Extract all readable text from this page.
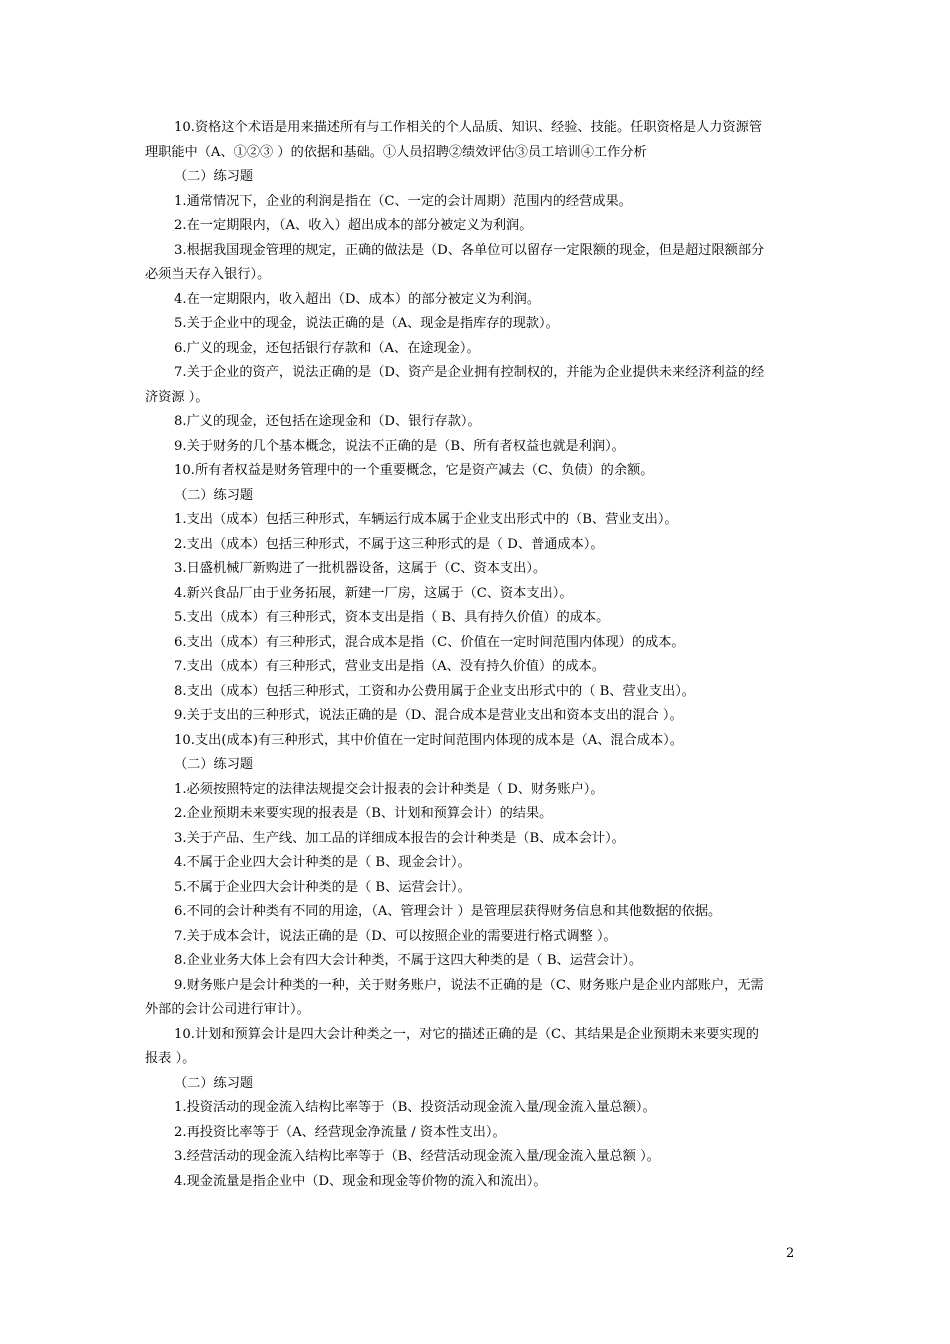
10.资格这个术语是用来描述所有与工作相关的个人品质、知识、经验、技能。任职资格是人力资源管
理职能中（A、①②③ ）的依据和基础。①人员招聘②绩效评估③员工培训④工作分析
（二）练习题
1.通常情况下，企业的利润是指在（C、一定的会计周期）范围内的经营成果。
2.在一定期限内，（A、收入）超出成本的部分被定义为利润。
3.根据我国现金管理的规定，正确的做法是（D、各单位可以留存一定限额的现金，但是超过限额部分
必须当天存入银行）。
4.在一定期限内，收入超出（D、成本）的部分被定义为利润。
5.关于企业中的现金，说法正确的是（A、现金是指库存的现款）。
6.广义的现金，还包括银行存款和（A、在途现金）。
7.关于企业的资产，说法正确的是（D、资产是企业拥有控制权的，并能为企业提供未来经济利益的经
济资源 ）。
8.广义的现金，还包括在途现金和（D、银行存款）。
9.关于财务的几个基本概念，说法不正确的是（B、所有者权益也就是利润）。
10.所有者权益是财务管理中的一个重要概念，它是资产减去（C、负债）的余额。
（二）练习题
1.支出（成本）包括三种形式，车辆运行成本属于企业支出形式中的（B、营业支出）。
2.支出（成本）包括三种形式，不属于这三种形式的是（ D、普通成本）。
3.日盛机械厂新购进了一批机器设备，这属于（C、资本支出）。
4.新兴食品厂由于业务拓展，新建一厂房，这属于（C、资本支出）。
5.支出（成本）有三种形式，资本支出是指（ B、具有持久价值）的成本。
6.支出（成本）有三种形式，混合成本是指（C、价值在一定时间范围内体现）的成本。
7.支出（成本）有三种形式，营业支出是指（A、没有持久价值）的成本。
8.支出（成本）包括三种形式，工资和办公费用属于企业支出形式中的（ B、营业支出）。
9.关于支出的三种形式，说法正确的是（D、混合成本是营业支出和资本支出的混合 ）。
10.支出(成本)有三种形式，其中价值在一定时间范围内体现的成本是（A、混合成本）。
（二）练习题
1.必须按照特定的法律法规提交会计报表的会计种类是（ D、财务账户）。
2.企业预期未来要实现的报表是（B、计划和预算会计）的结果。
3.关于产品、生产线、加工品的详细成本报告的会计种类是（B、成本会计）。
4.不属于企业四大会计种类的是（ B、现金会计）。
5.不属于企业四大会计种类的是（ B、运营会计）。
6.不同的会计种类有不同的用途，（A、管理会计 ）是管理层获得财务信息和其他数据的依据。
7.关于成本会计，说法正确的是（D、可以按照企业的需要进行格式调整 ）。
8.企业业务大体上会有四大会计种类，不属于这四大种类的是（ B、运营会计）。
9.财务账户是会计种类的一种，关于财务账户，说法不正确的是（C、财务账户是企业内部账户，无需
外部的会计公司进行审计）。
10.计划和预算会计是四大会计种类之一，对它的描述正确的是（C、其结果是企业预期未来要实现的
报表 ）。
（二）练习题
1.投资活动的现金流入结构比率等于（B、投资活动现金流入量/现金流入量总额）。
2.再投资比率等于（A、经营现金净流量 / 资本性支出）。
3.经营活动的现金流入结构比率等于（B、经营活动现金流入量/现金流入量总额 ）。
4.现金流量是指企业中（D、现金和现金等价物的流入和流出）。
2
